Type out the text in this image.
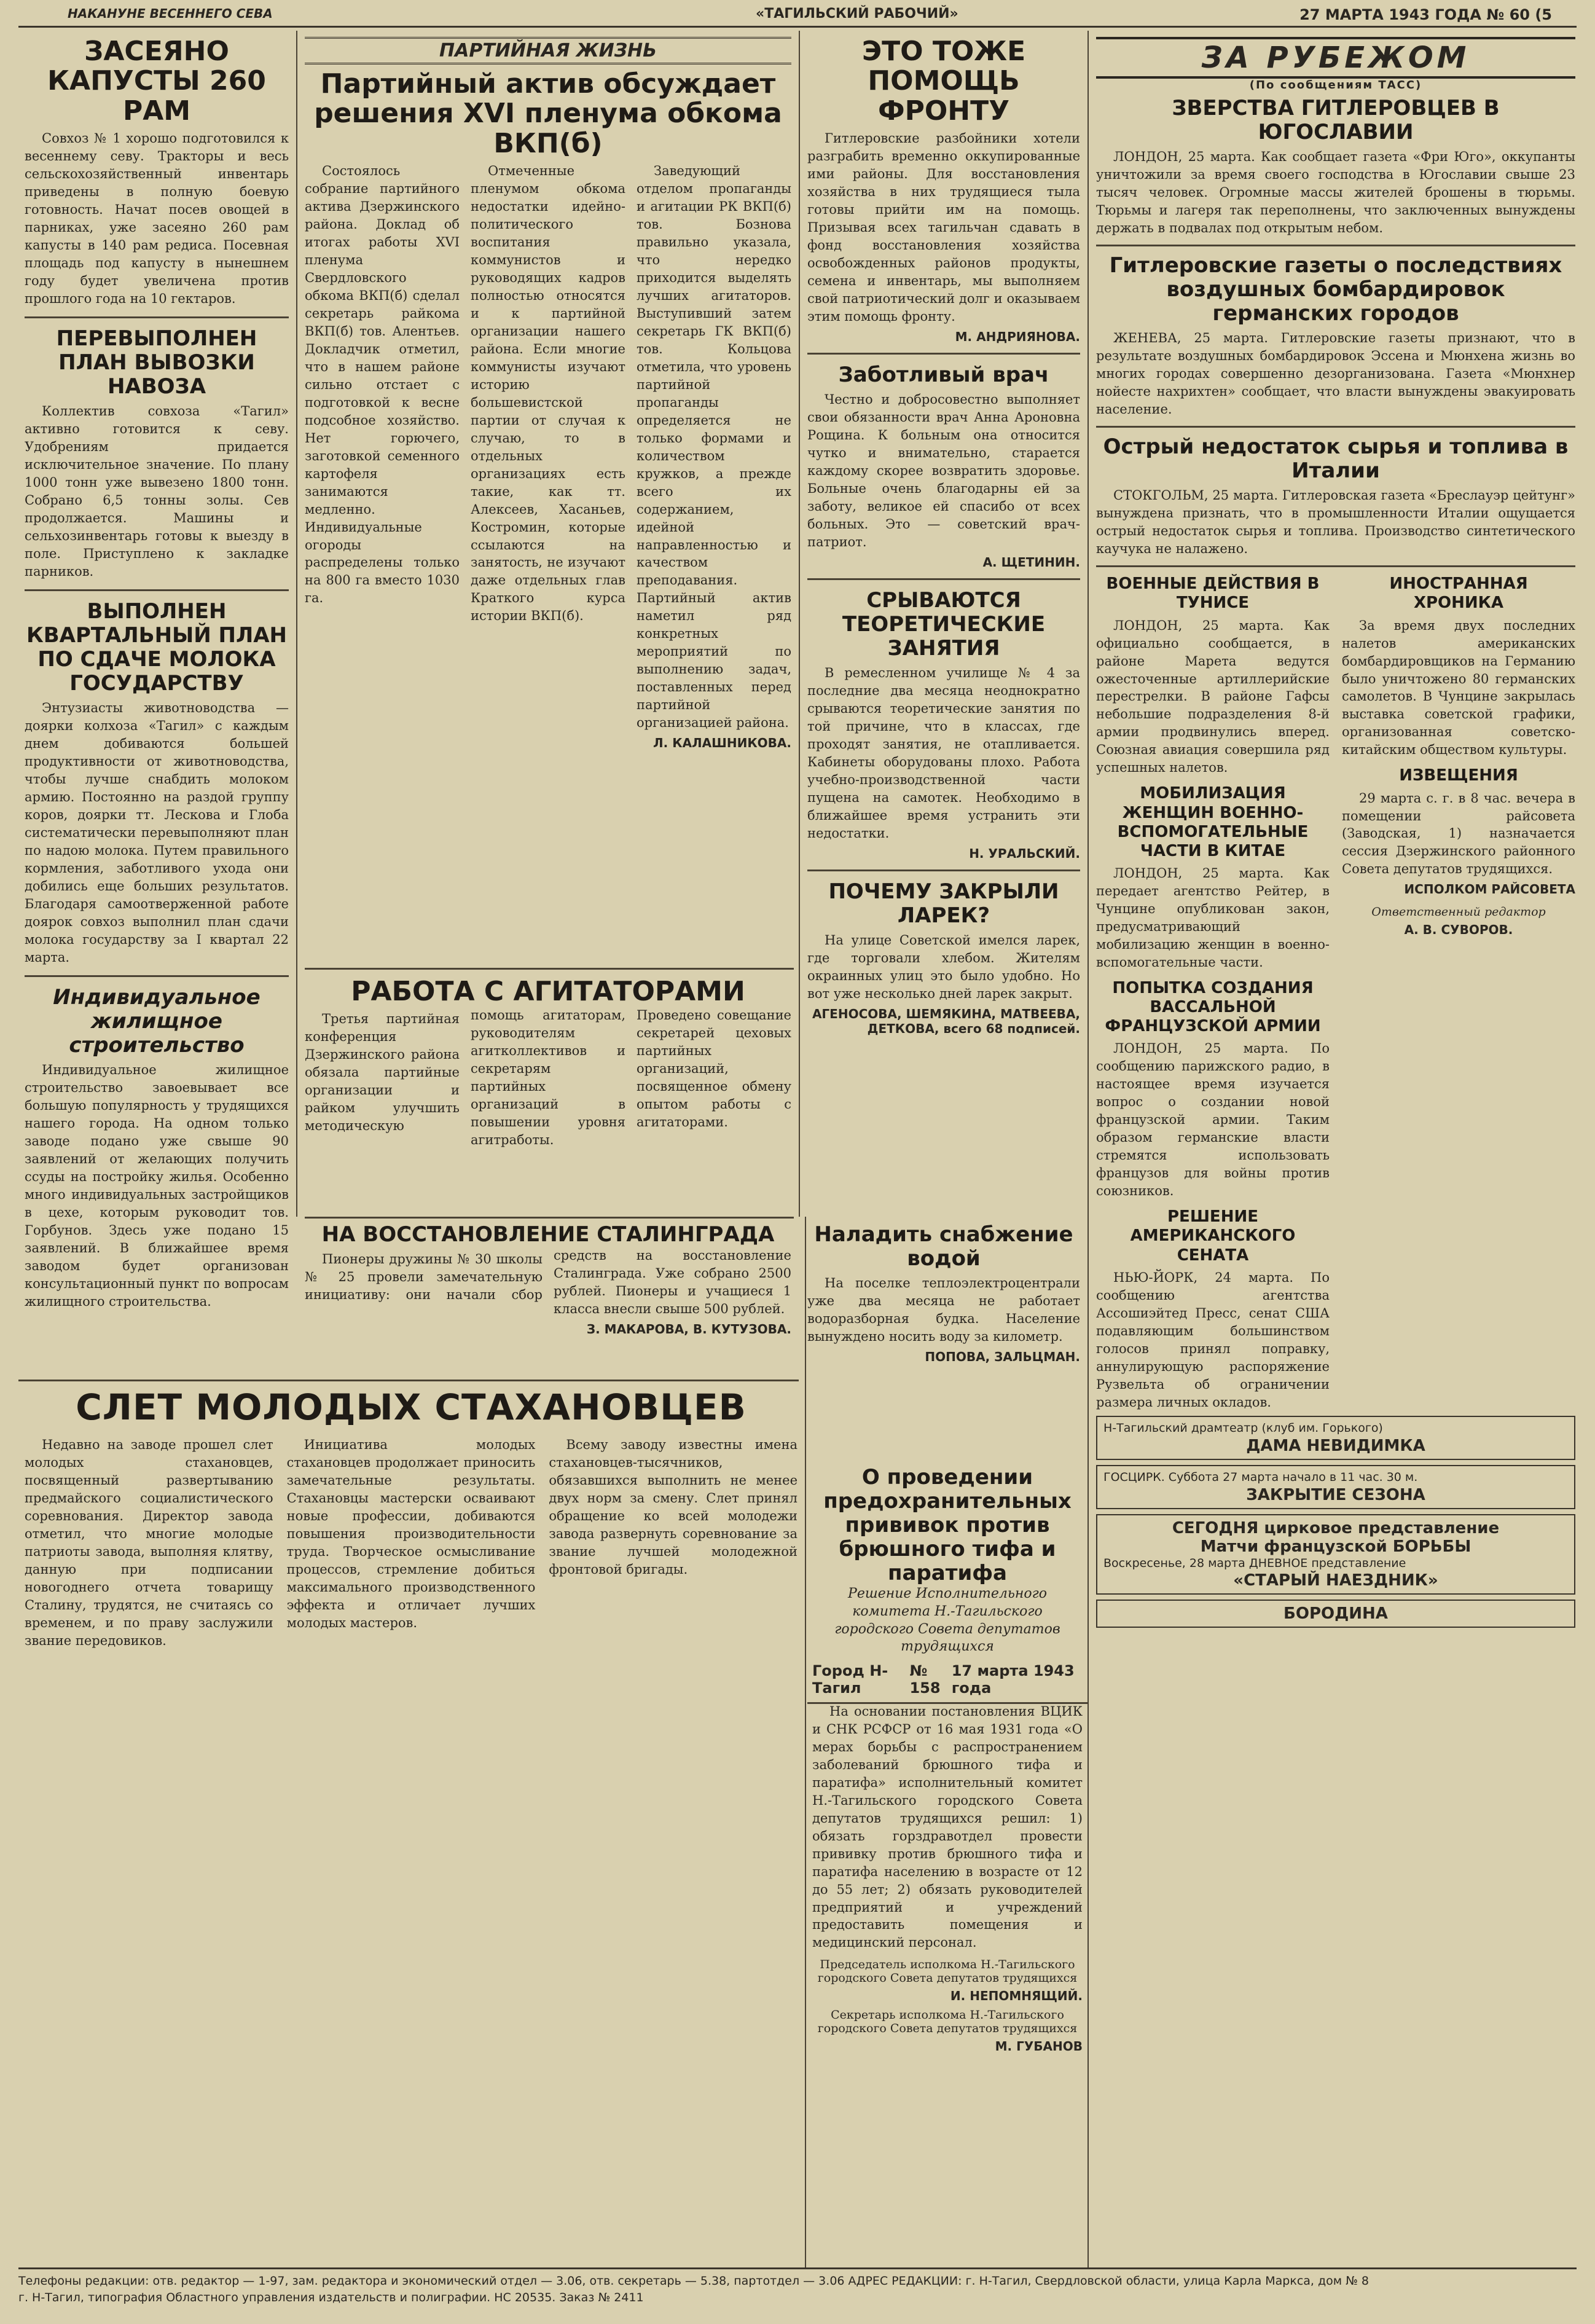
НАКАНУНЕ ВЕСЕННЕГО СЕВА	«ТАГИЛЬСКИЙ РАБОЧИЙ»	27 МАРТА 1943 ГОДА № 60 (5
ЗАСЕЯНО КАПУСТЫ 260 РАМ

Совхоз № 1 хорошо подготовился к весеннему севу. Тракторы и весь сельскохозяйственный инвентарь приведены в полную боевую готовность. Начат посев овощей в парниках, уже засеяно 260 рам капусты в 140 рам редиса. Посевная площадь под капусту в нынешнем году будет увеличена против прошлого года на 10 гектаров.

ПЕРЕВЫПОЛНЕН ПЛАН ВЫВОЗКИ НАВОЗА

Коллектив совхоза «Тагил» активно готовится к севу. Удобрениям придается исключительное значение. По плану 1000 тонн уже вывезено 1800 тонн. Собрано 6,5 тонны золы. Сев продолжается. Машины и сельхозинвентарь готовы к выезду в поле. Приступлено к закладке парников.

ВЫПОЛНЕН КВАРТАЛЬНЫЙ ПЛАН ПО СДАЧЕ МОЛОКА ГОСУДАРСТВУ

Энтузиасты животноводства — доярки колхоза «Тагил» с каждым днем добиваются большей продуктивности от животноводства, чтобы лучше снабдить молоком армию. Постоянно на раздой группу коров, доярки тт. Лескова и Глоба систематически перевыполняют план по надою молока. Путем правильного кормления, заботливого ухода они добились еще больших результатов. Благодаря самоотверженной работе доярок совхоз выполнил план сдачи молока государству за I квартал 22 марта.

Индивидуальное жилищное строительство

Индивидуальное жилищное строительство завоевывает все большую популярность у трудящихся нашего города. На одном только заводе подано уже свыше 90 заявлений от желающих получить ссуды на постройку жилья. Особенно много индивидуальных застройщиков в цехе, которым руководит тов. Горбунов. Здесь уже подано 15 заявлений. В ближайшее время заводом будет организован консультационный пункт по вопросам жилищного строительства.

ПАРТИЙНАЯ ЖИЗНЬ
Партийный актив обсуждает решения XVI пленума обкома ВКП(б)

Состоялось собрание партийного актива Дзержинского района. Доклад об итогах работы XVI пленума Свердловского обкома ВКП(б) сделал секретарь райкома ВКП(б) тов. Алентьев. Докладчик отметил, что в нашем районе сильно отстает с подготовкой к весне подсобное хозяйство. Нет горючего, заготовкой семенного картофеля занимаются медленно. Индивидуальные огороды распределены только на 800 га вместо 1030 га.

Отмеченные пленумом обкома недостатки идейно-политического воспитания коммунистов и руководящих кадров полностью относятся и к партийной организации нашего района. Если многие коммунисты изучают историю большевистской партии от случая к случаю, то в отдельных организациях есть такие, как тт. Алексеев, Хасаньев, Костромин, которые ссылаются на занятость, не изучают даже отдельных глав Краткого курса истории ВКП(б).

Заведующий отделом пропаганды и агитации РК ВКП(б) тов. Бознова правильно указала, что нередко приходится выделять лучших агитаторов. Выступивший затем секретарь ГК ВКП(б) тов. Кольцова отметила, что уровень партийной пропаганды определяется не только формами и количеством кружков, а прежде всего их содержанием, идейной направленностью и качеством преподавания. Партийный актив наметил ряд конкретных мероприятий по выполнению задач, поставленных перед партийной организацией района.

Л. КАЛАШНИКОВА.
РАБОТА С АГИТАТОРАМИ

Третья партийная конференция Дзержинского района обязала партийные организации и райком улучшить методическую помощь агитаторам, руководителям агитколлективов и секретарям партийных организаций в повышении уровня агитработы. Проведено совещание секретарей цеховых партийных организаций, посвященное обмену опытом работы с агитаторами.

ЭТО ТОЖЕ ПОМОЩЬ ФРОНТУ

Гитлеровские разбойники хотели разграбить временно оккупированные ими районы. Для восстановления хозяйства в них трудящиеся тыла готовы прийти им на помощь. Призывая всех тагильчан сдавать в фонд восстановления хозяйства освобожденных районов продукты, семена и инвентарь, мы выполняем свой патриотический долг и оказываем этим помощь фронту.

М. АНДРИЯНОВА.
Заботливый врач

Честно и добросовестно выполняет свои обязанности врач Анна Ароновна Рощина. К больным она относится чутко и внимательно, старается каждому скорее возвратить здоровье. Больные очень благодарны ей за заботу, великое ей спасибо от всех больных. Это — советский врач-патриот.

А. ЩЕТИНИН.
СРЫВАЮТСЯ ТЕОРЕТИЧЕСКИЕ ЗАНЯТИЯ

В ремесленном училище № 4 за последние два месяца неоднократно срываются теоретические занятия по той причине, что в классах, где проходят занятия, не отапливается. Кабинеты оборудованы плохо. Работа учебно-производственной части пущена на самотек. Необходимо в ближайшее время устранить эти недостатки.

Н. УРАЛЬСКИЙ.
ПОЧЕМУ ЗАКРЫЛИ ЛАРЕК?

На улице Советской имелся ларек, где торговали хлебом. Жителям окраинных улиц это было удобно. Но вот уже несколько дней ларек закрыт.

АГЕНОСОВА, ШЕМЯКИНА, МАТВЕЕВА, ДЕТКОВА, всего 68 подписей.
ЗА РУБЕЖОМ
(По сообщениям ТАСС)
ЗВЕРСТВА ГИТЛЕРОВЦЕВ В ЮГОСЛАВИИ

ЛОНДОН, 25 марта. Как сообщает газета «Фри Юго», оккупанты уничтожили за время своего господства в Югославии свыше 23 тысяч человек. Огромные массы жителей брошены в тюрьмы. Тюрьмы и лагеря так переполнены, что заключенных вынуждены держать в подвалах под открытым небом.

Гитлеровские газеты о последствиях воздушных бомбардировок германских городов

ЖЕНЕВА, 25 марта. Гитлеровские газеты признают, что в результате воздушных бомбардировок Эссена и Мюнхена жизнь во многих городах совершенно дезорганизована. Газета «Мюнхнер нойесте нахрихтен» сообщает, что власти вынуждены эвакуировать население.

Острый недостаток сырья и топлива в Италии

СТОКГОЛЬМ, 25 марта. Гитлеровская газета «Бреслауэр цейтунг» вынуждена признать, что в промышленности Италии ощущается острый недостаток сырья и топлива. Производство синтетического каучука не налажено.

ВОЕННЫЕ ДЕЙСТВИЯ В ТУНИСЕ

ЛОНДОН, 25 марта. Как официально сообщается, в районе Марета ведутся ожесточенные артиллерийские перестрелки. В районе Гафсы небольшие подразделения 8-й армии продвинулись вперед. Союзная авиация совершила ряд успешных налетов.

МОБИЛИЗАЦИЯ ЖЕНЩИН ВОЕННО-ВСПОМОГАТЕЛЬНЫЕ ЧАСТИ В КИТАЕ

ЛОНДОН, 25 марта. Как передает агентство Рейтер, в Чунцине опубликован закон, предусматривающий мобилизацию женщин в военно-вспомогательные части.

ПОПЫТКА СОЗДАНИЯ ВАССАЛЬНОЙ ФРАНЦУЗСКОЙ АРМИИ

ЛОНДОН, 25 марта. По сообщению парижского радио, в настоящее время изучается вопрос о создании новой французской армии. Таким образом германские власти стремятся использовать французов для войны против союзников.

РЕШЕНИЕ АМЕРИКАНСКОГО СЕНАТА

НЬЮ-ЙОРК, 24 марта. По сообщению агентства Ассошиэйтед Пресс, сенат США подавляющим большинством голосов принял поправку, аннулирующую распоряжение Рузвельта об ограничении размера личных окладов.

ИНОСТРАННАЯ ХРОНИКА

За время двух последних налетов американских бомбардировщиков на Германию было уничтожено 80 германских самолетов. В Чунцине закрылась выставка советской графики, организованная советско-китайским обществом культуры.

ИЗВЕЩЕНИЯ

29 марта с. г. в 8 час. вечера в помещении райсовета (Заводская, 1) назначается сессия Дзержинского районного Совета депутатов трудящихся.

ИСПОЛКОМ РАЙСОВЕТА
Ответственный редактор
А. В. СУВОРОВ.
Н-Тагильский драмтеатр (клуб им. Горького)
ДАМА НЕВИДИМКА
ГОСЦИРК. Суббота 27 марта начало в 11 час. 30 м.
ЗАКРЫТИЕ СЕЗОНА
СЕГОДНЯ цирковое представление
Матчи французской БОРЬБЫ
Воскресенье, 28 марта ДНЕВНОЕ представление
«СТАРЫЙ НАЕЗДНИК»
БОРОДИНА
НА ВОССТАНОВЛЕНИЕ СТАЛИНГРАДА

Пионеры дружины № 30 школы № 25 провели замечательную инициативу: они начали сбор средств на восстановление Сталинграда. Уже собрано 2500 рублей. Пионеры и учащиеся 1 класса внесли свыше 500 рублей.

З. МАКАРОВА, В. КУТУЗОВА.
СЛЕТ МОЛОДЫХ СТАХАНОВЦЕВ

Недавно на заводе прошел слет молодых стахановцев, посвященный развертыванию предмайского социалистического соревнования. Директор завода отметил, что многие молодые патриоты завода, выполняя клятву, данную при подписании новогоднего отчета товарищу Сталину, трудятся, не считаясь со временем, и по праву заслужили звание передовиков.

Инициатива молодых стахановцев продолжает приносить замечательные результаты. Стахановцы мастерски осваивают новые профессии, добиваются повышения производительности труда. Творческое осмысливание процессов, стремление добиться максимального производственного эффекта и отличает лучших молодых мастеров.

Всему заводу известны имена стахановцев-тысячников, обязавшихся выполнить не менее двух норм за смену. Слет принял обращение ко всей молодежи завода развернуть соревнование за звание лучшей молодежной фронтовой бригады.

Наладить снабжение водой

На поселке теплоэлектроцентрали уже два месяца не работает водоразборная будка. Население вынуждено носить воду за километр.

ПОПОВА, ЗАЛЬЦМАН.
О проведении предохранительных прививок против брюшного тифа и паратифа
Решение Исполнительного комитета Н.-Тагильского городского Совета депутатов трудящихся
Город Н-Тагил
№ 158
17 марта 1943 года

На основании постановления ВЦИК и СНК РСФСР от 16 мая 1931 года «О мерах борьбы с распространением заболеваний брюшного тифа и паратифа» исполнительный комитет Н.-Тагильского городского Совета депутатов трудящихся решил: 1) обязать горздравотдел провести прививку против брюшного тифа и паратифа населению в возрасте от 12 до 55 лет; 2) обязать руководителей предприятий и учреждений предоставить помещения и медицинский персонал.

Председатель исполкома Н.-Тагильского городского Совета депутатов трудящихся
И. НЕПОМНЯЩИЙ.
Секретарь исполкома Н.-Тагильского городского Совета депутатов трудящихся
М. ГУБАНОВ
Телефоны редакции: отв. редактор — 1-97, зам. редактора и экономический отдел — 3.06, отв. секретарь — 5.38, партотдел — 3.06 АДРЕС РЕДАКЦИИ: г. Н-Тагил, Свердловской области, улица Карла Маркса, дом № 8
г. Н-Тагил, типография Областного управления издательств и полиграфии. НС 20535. Заказ № 2411
